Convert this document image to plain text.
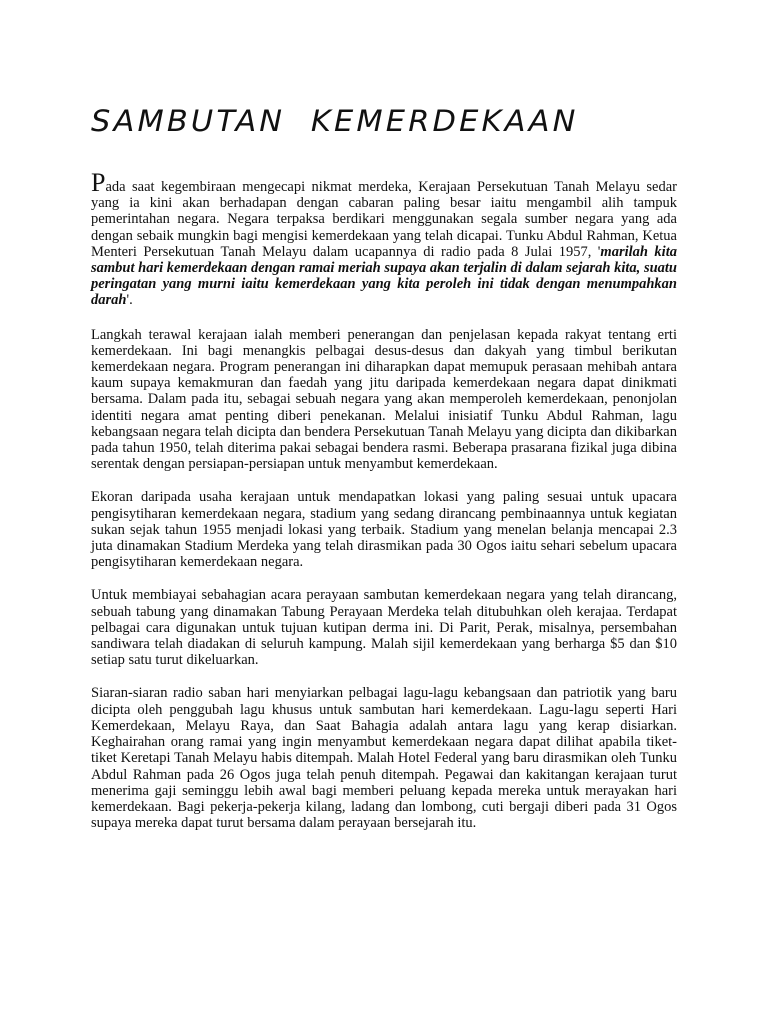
SAMBUTAN  KEMERDEKAAN

Pada saat kegembiraan mengecapi nikmat merdeka, Kerajaan Persekutuan Tanah Melayu sedar yang ia kini akan berhadapan dengan cabaran paling besar iaitu mengambil alih tampuk pemerintahan negara. Negara terpaksa berdikari menggunakan segala sumber negara yang ada dengan sebaik mungkin bagi mengisi kemerdekaan yang telah dicapai. Tunku Abdul Rahman, Ketua Menteri Persekutuan Tanah Melayu dalam ucapannya di radio pada 8 Julai 1957, 'marilah kita sambut hari kemerdekaan dengan ramai meriah supaya akan terjalin di dalam sejarah kita, suatu peringatan yang murni iaitu kemerdekaan yang kita peroleh ini tidak dengan menumpahkan darah'.

Langkah terawal kerajaan ialah memberi penerangan dan penjelasan kepada rakyat tentang erti kemerdekaan. Ini bagi menangkis pelbagai desus-desus dan dakyah yang timbul berikutan kemerdekaan negara. Program penerangan ini diharapkan dapat memupuk perasaan mehibah antara kaum supaya kemakmuran dan faedah yang jitu daripada kemerdekaan negara dapat dinikmati bersama. Dalam pada itu, sebagai sebuah negara yang akan memperoleh kemerdekaan, penonjolan identiti negara amat penting diberi penekanan. Melalui inisiatif Tunku Abdul Rahman, lagu kebangsaan negara telah dicipta dan bendera Persekutuan Tanah Melayu yang dicipta dan dikibarkan pada tahun 1950, telah diterima pakai sebagai bendera rasmi. Beberapa prasarana fizikal juga dibina serentak dengan persiapan-persiapan untuk menyambut kemerdekaan.

Ekoran daripada usaha kerajaan untuk mendapatkan lokasi yang paling sesuai untuk upacara pengisytiharan kemerdekaan negara, stadium yang sedang dirancang pembinaannya untuk kegiatan sukan sejak tahun 1955 menjadi lokasi yang terbaik. Stadium yang menelan belanja mencapai 2.3 juta dinamakan Stadium Merdeka yang telah dirasmikan pada 30 Ogos iaitu sehari sebelum upacara pengisytiharan kemerdekaan negara.

Untuk membiayai sebahagian acara perayaan sambutan kemerdekaan negara yang telah dirancang, sebuah tabung yang dinamakan Tabung Perayaan Merdeka telah ditubuhkan oleh kerajaa. Terdapat pelbagai cara digunakan untuk tujuan kutipan derma ini. Di Parit, Perak, misalnya, persembahan sandiwara telah diadakan di seluruh kampung. Malah sijil kemerdekaan yang berharga $5 dan $10 setiap satu turut dikeluarkan.

Siaran-siaran radio saban hari menyiarkan pelbagai lagu-lagu kebangsaan dan patriotik yang baru dicipta oleh penggubah lagu khusus untuk sambutan hari kemerdekaan. Lagu-lagu seperti Hari Kemerdekaan, Melayu Raya, dan Saat Bahagia adalah antara lagu yang kerap disiarkan. Keghairahan orang ramai yang ingin menyambut kemerdekaan negara dapat dilihat apabila tiket-tiket Keretapi Tanah Melayu habis ditempah. Malah Hotel Federal yang baru dirasmikan oleh Tunku Abdul Rahman pada 26 Ogos juga telah penuh ditempah. Pegawai dan kakitangan kerajaan turut menerima gaji seminggu lebih awal bagi memberi peluang kepada mereka untuk merayakan hari kemerdekaan. Bagi pekerja-pekerja kilang, ladang dan lombong, cuti bergaji diberi pada 31 Ogos supaya mereka dapat turut bersama dalam perayaan bersejarah itu.
